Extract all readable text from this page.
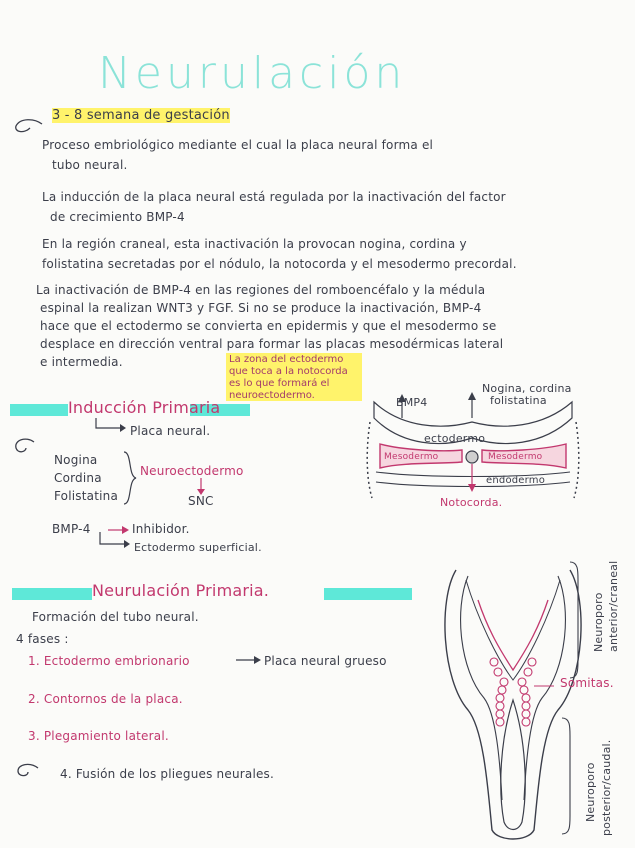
Neurulación
3 - 8 semana de gestación
Proceso embriológico mediante el cual la placa neural forma el
tubo neural.
La inducción de la placa neural está regulada por la inactivación del factor
de crecimiento BMP-4
En la región craneal, esta inactivación la provocan nogina, cordina y
folistatina secretadas por el nódulo, la notocorda y el mesodermo precordal.
La inactivación de BMP-4 en las regiones del romboencéfalo y la médula
espinal la realizan WNT3 y FGF. Si no se produce la inactivación, BMP-4
hace que el ectodermo se convierta en epidermis y que el mesodermo se
desplace en dirección ventral para formar las placas mesodérmicas lateral
e intermedia.	La zona del ectodermo
que toca a la notocorda
es lo que formará el
neuroectodermo.
Inducción Primaria
Placa neural.
Nogina
Cordina
Folistatina
Neuroectodermo
SNC
BMP-4	Inhibidor.
Ectodermo superficial.
BMP4
Nogina, cordina
folistatina
ectodermo
Mesodermo	Mesodermo
endodermo
Notocorda.
Neurulación Primaria.
Formación del tubo neural.
4 fases :
1. Ectodermo embrionario	Placa neural grueso
2. Contornos de la placa.
3. Plegamiento lateral.
4. Fusión de los pliegues neurales.
Somitas.
Neuroporo anterior/craneal
Neuroporo posterior/caudal.
